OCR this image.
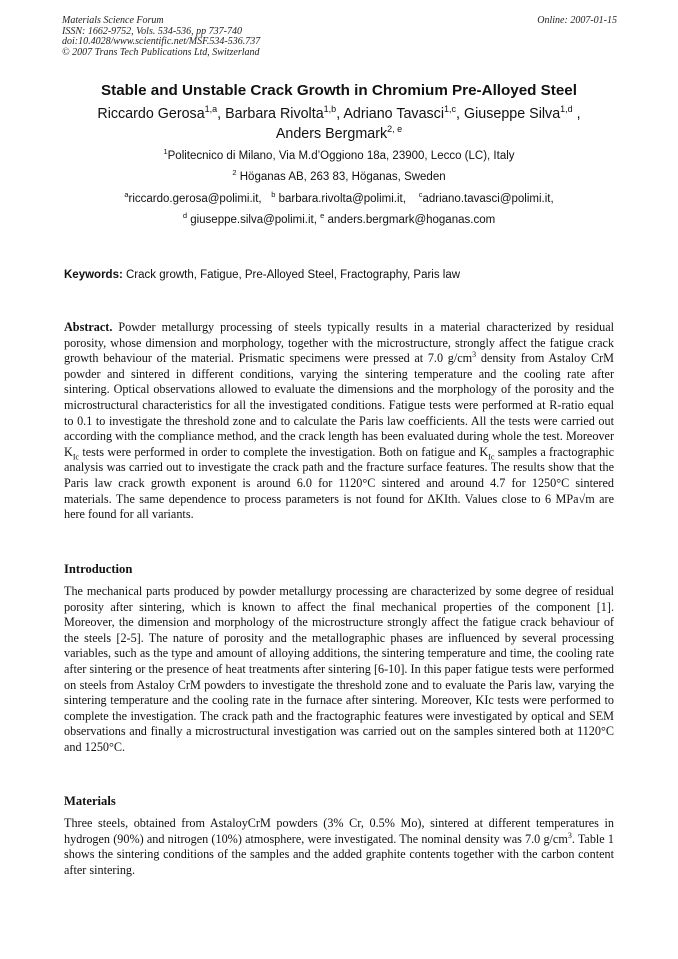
Materials Science Forum
ISSN: 1662-9752, Vols. 534-536, pp 737-740
doi:10.4028/www.scientific.net/MSF.534-536.737
© 2007 Trans Tech Publications Ltd, Switzerland
Online: 2007-01-15
Stable and Unstable Crack Growth in Chromium Pre-Alloyed Steel
Riccardo Gerosa$^{1,a}$, Barbara Rivolta$^{1,b}$, Adriano Tavasci$^{1,c}$, Giuseppe Silva$^{1,d}$ ,
Anders Bergmark$^{2, e}$
$^1$Politecnico di Milano, Via M.d’Oggiono 18a, 23900, Lecco (LC), Italy
$^2$ Höganas AB, 263 83, Höganas, Sweden
$^a$riccardo.gerosa@polimi.it, $^b$ barbara.rivolta@polimi.it, $^c$adriano.tavasci@polimi.it,
$^d$ giuseppe.silva@polimi.it, $^e$ anders.bergmark@hoganas.com
Keywords: Crack growth, Fatigue, Pre-Alloyed Steel, Fractography, Paris law
Abstract. Powder metallurgy processing of steels typically results in a material characterized by residual porosity, whose dimension and morphology, together with the microstructure, strongly affect the fatigue crack growth behaviour of the material. Prismatic specimens were pressed at 7.0 $g/cm^3$ density from Astaloy CrM powder and sintered in different conditions, varying the sintering temperature and the cooling rate after sintering. Optical observations allowed to evaluate the dimensions and the morphology of the porosity and the microstructural characteristics for all the investigated conditions. Fatigue tests were performed at R-ratio equal to 0.1 to investigate the threshold zone and to calculate the Paris law coefficients. All the tests were carried out according with the compliance method, and the crack length has been evaluated during whole the test. Moreover $K_{Ic}$ tests were performed in order to complete the investigation. Both on fatigue and $K_{Ic}$ samples a fractographic analysis was carried out to investigate the crack path and the fracture surface features. The results show that the Paris law crack growth exponent is around 6.0 for 1120°C sintered and around 4.7 for 1250°C sintered materials. The same dependence to process parameters is not found for ΔKIth. Values close to 6 MPa√m are here found for all variants.
Introduction
The mechanical parts produced by powder metallurgy processing are characterized by some degree of residual porosity after sintering, which is known to affect the final mechanical properties of the component [1]. Moreover, the dimension and morphology of the microstructure strongly affect the fatigue crack behaviour of the steels [2-5]. The nature of porosity and the metallographic phases are influenced by several processing variables, such as the type and amount of alloying additions, the sintering temperature and time, the cooling rate after sintering or the presence of heat treatments after sintering [6-10]. In this paper fatigue tests were performed on steels from Astaloy CrM powders to investigate the threshold zone and to evaluate the Paris law, varying the sintering temperature and the cooling rate in the furnace after sintering. Moreover, KIc tests were performed to complete the investigation. The crack path and the fractographic features were investigated by optical and SEM observations and finally a microstructural investigation was carried out on the samples sintered both at 1120°C and 1250°C.
Materials
Three steels, obtained from AstaloyCrM powders (3% Cr, 0.5% Mo), sintered at different temperatures in hydrogen (90%) and nitrogen (10%) atmosphere, were investigated. The nominal density was 7.0 $g/cm^3$. Table 1 shows the sintering conditions of the samples and the added graphite contents together with the carbon content after sintering.
